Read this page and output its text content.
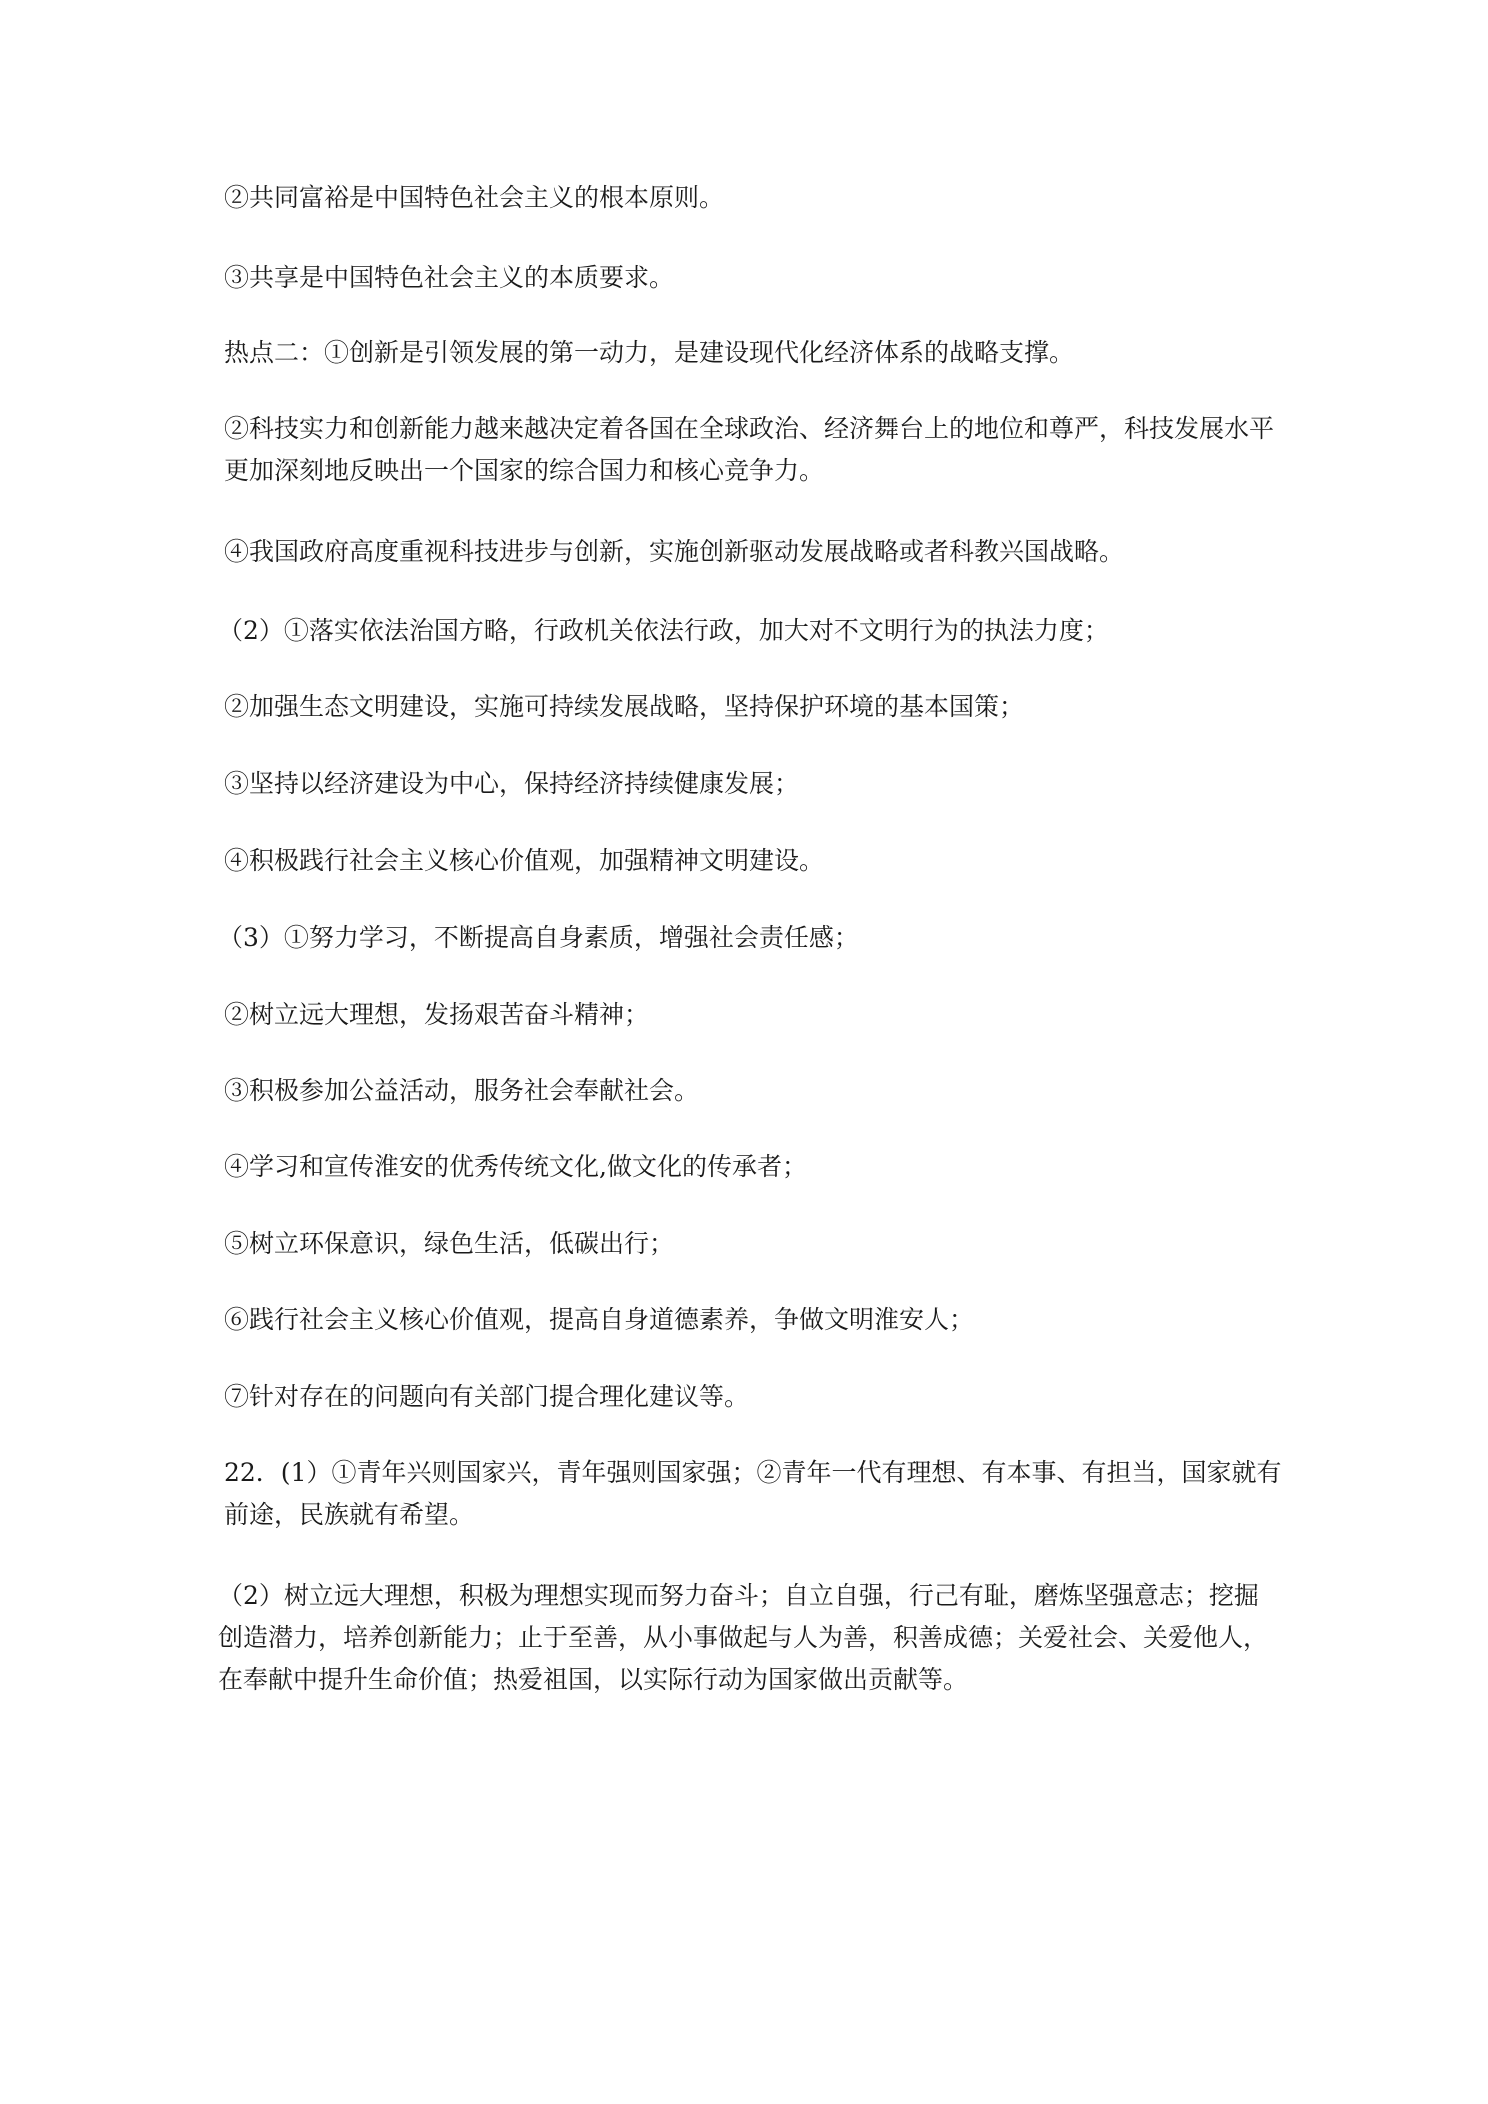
②共同富裕是中国特色社会主义的根本原则。

③共享是中国特色社会主义的本质要求。

热点二：①创新是引领发展的第一动力，是建设现代化经济体系的战略支撑。

②科技实力和创新能力越来越决定着各国在全球政治、经济舞台上的地位和尊严，科技发展水平更加深刻地反映出一个国家的综合国力和核心竞争力。

④我国政府高度重视科技进步与创新，实施创新驱动发展战略或者科教兴国战略。

（2）①落实依法治国方略，行政机关依法行政，加大对不文明行为的执法力度；

②加强生态文明建设，实施可持续发展战略，坚持保护环境的基本国策；

③坚持以经济建设为中心，保持经济持续健康发展；

④积极践行社会主义核心价值观，加强精神文明建设。

（3）①努力学习，不断提高自身素质，增强社会责任感；

②树立远大理想，发扬艰苦奋斗精神；

③积极参加公益活动，服务社会奉献社会。

④学习和宣传淮安的优秀传统文化,做文化的传承者；

⑤树立环保意识，绿色生活，低碳出行；

⑥践行社会主义核心价值观，提高自身道德素养，争做文明淮安人；

⑦针对存在的问题向有关部门提合理化建议等。

22．(1）①青年兴则国家兴，青年强则国家强；②青年一代有理想、有本事、有担当，国家就有前途，民族就有希望。

（2）树立远大理想，积极为理想实现而努力奋斗；自立自强，行己有耻，磨炼坚强意志；挖掘创造潜力，培养创新能力；止于至善，从小事做起与人为善，积善成德；关爱社会、关爱他人，在奉献中提升生命价值；热爱祖国，以实际行动为国家做出贡献等。
